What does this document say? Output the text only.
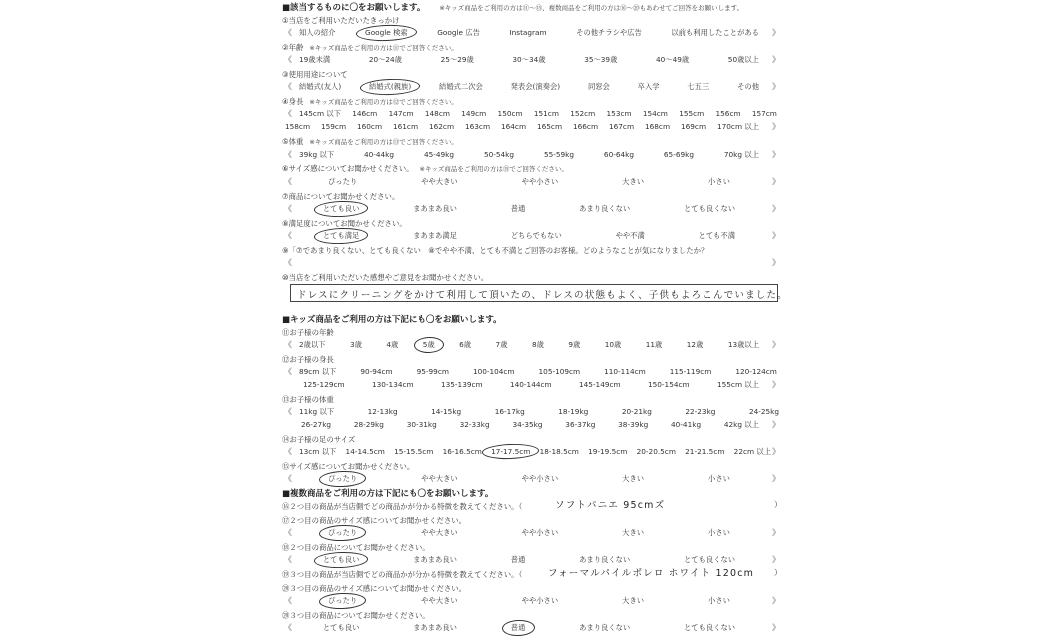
■該当するものに〇をお願いします。 ※キッズ商品をご利用の方は⑪～⑮、複数商品をご利用の方は⑯～⑳もあわせてご回答をお願いします。
①当店をご利用いただいたきっかけ
《 知人の紹介	Google 検索	Google 広告	Instagram	その他チラシや広告	以前も利用したことがある	》
②年齢 ※キッズ商品をご利用の方は⑪でご回答ください。
《 19歳未満	20～24歳	25～29歳	30～34歳	35～39歳	40～49歳	50歳以上	》
③使用用途について
《 結婚式(友人)	結婚式(親族)	結婚式二次会	発表会(演奏会)	同窓会	卒入学	七五三	その他	》
④身長 ※キッズ商品をご利用の方は⑫でご回答ください。
《 145cm 以下	146cm	147cm	148cm	149cm	150cm	151cm	152cm	153cm	154cm	155cm	156cm	157cm
158cm	159cm	160cm	161cm	162cm	163cm	164cm	165cm	166cm	167cm	168cm	169cm	170cm 以上	》
⑤体重 ※キッズ商品をご利用の方は⑬でご回答ください。
《 39kg 以下	40-44kg	45-49kg	50-54kg	55-59kg	60-64kg	65-69kg	70kg 以上	》
⑥サイズ感についてお聞かせください。 ※キッズ商品をご利用の方は⑮でご回答ください。
《	ぴったり	やや大きい	やや小さい	大きい	小さい	》
⑦商品についてお聞かせください。
《	とても良い	まあまあ良い	普通	あまり良くない	とても良くない	》
⑧満足度についてお聞かせください。
《	とても満足	まあまあ満足	どちらでもない	やや不満	とても不満	》
⑨「⑦であまり良くない、とても良くない　⑧でやや不満、とても不満とご回答のお客様。どのようなことが気になりましたか？
《	》
⑩当店をご利用いただいた感想やご意見をお聞かせください。
ドレスにクリーニングをかけて利用して頂いたの、ドレスの状態もよく、子供もよろこんでいました。
■キッズ商品をご利用の方は下記にも〇をお願いします。
⑪お子様の年齢
《 2歳以下	3歳	4歳	5歳	6歳	7歳	8歳	9歳	10歳	11歳	12歳	13歳以上	》
⑫お子様の身長
《 89cm 以下	90-94cm	95-99cm	100-104cm	105-109cm	110-114cm	115-119cm	120-124cm
125-129cm	130-134cm	135-139cm	140-144cm	145-149cm	150-154cm	155cm 以上	》
⑬お子様の体重
《 11kg 以下	12-13kg	14-15kg	16-17kg	18-19kg	20-21kg	22-23kg	24-25kg
26-27kg	28-29kg	30-31kg	32-33kg	34-35kg	36-37kg	38-39kg	40-41kg	42kg 以上	》
⑭お子様の足のサイズ
《 13cm 以下	14-14.5cm	15-15.5cm	16-16.5cm	17-17.5cm	18-18.5cm	19-19.5cm	20-20.5cm	21-21.5cm	22cm 以上 》
⑮サイズ感についてお聞かせください。
《	ぴったり	やや大きい	やや小さい	大きい	小さい	》
■複数商品をご利用の方は下記にも〇をお願いします。
⑯２つ目の商品が当店側でどの商品かが分かる特徴を教えてください。（	ソフトパニエ 95cmズ	）
⑰２つ目の商品のサイズ感についてお聞かせください。
《	ぴったり	やや大きい	やや小さい	大きい	小さい	》
⑱２つ目の商品についてお聞かせください。
《	とても良い	まあまあ良い	普通	あまり良くない	とても良くない	》
⑲３つ目の商品が当店側でどの商品かが分かる特徴を教えてください。（	フォーマルパイルボレロ ホワイト 120cm ）
⑳３つ目の商品のサイズ感についてお聞かせください。
《	ぴったり	やや大きい	やや小さい	大きい	小さい	》
⑳３つ目の商品についてお聞かせください。
《	とても良い	まあまあ良い	普通	あまり良くない	とても良くない	》
